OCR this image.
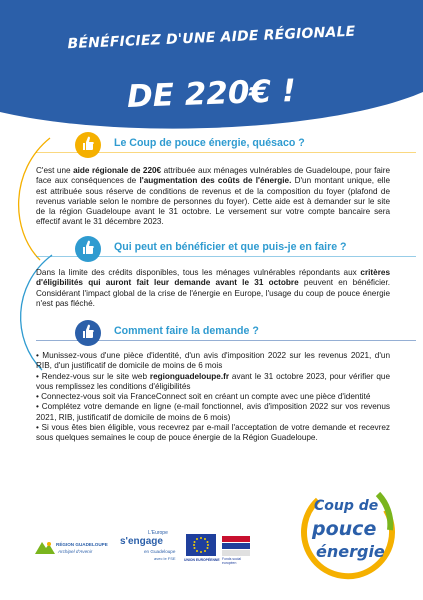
BÉNÉFICIEZ D'UNE AIDE RÉGIONALE
DE 220€ !
Le Coup de pouce énergie, quésaco ?
C'est une aide régionale de 220€ attribuée aux ménages vulnérables de Guadeloupe, pour faire face aux conséquences de l'augmentation des coûts de l'énergie. D'un montant unique, elle est attribuée sous réserve de conditions de revenus et de la composition du foyer (plafond de revenus variable selon le nombre de personnes du foyer). Cette aide est à demander sur le site de la région Guadeloupe avant le 31 octobre. Le versement sur votre compte bancaire sera effectif avant le 31 décembre 2023.
Qui peut en bénéficier et que puis-je en faire ?
Dans la limite des crédits disponibles, tous les ménages vulnérables répondants aux critères d'éligibilités qui auront fait leur demande avant le 31 octobre peuvent en bénéficier. Considérant l'impact global de la crise de l'énergie en Europe, l'usage du coup de pouce énergie n'est pas fléché.
Comment faire la demande ?
• Munissez-vous d'une pièce d'identité, d'un avis d'imposition 2022 sur les revenus 2021, d'un RIB, d'un justificatif de domicile de moins de 6 mois
• Rendez-vous sur le site web regionguadeloupe.fr avant le 31 octobre 2023, pour vérifier que vous remplissez les conditions d'éligibilités
• Connectez-vous soit via FranceConnect soit en créant un compte avec une pièce d'identité
• Complétez votre demande en ligne (e-mail fonctionnel, avis d'imposition 2022 sur vos revenus 2021, RIB, justificatif de domicile de moins de 6 mois)
• Si vous êtes bien éligible, vous recevrez par e-mail l'acceptation de votre demande et recevrez sous quelques semaines le coup de pouce énergie de la Région Guadeloupe.
Coup de
pouce
énergie
RÉGION GUADELOUPE
Archipel d'Avenir
L'Europe
s'engage
en Guadeloupe
avec le FSE UNION EUROPÉENNE Fonds social européen
